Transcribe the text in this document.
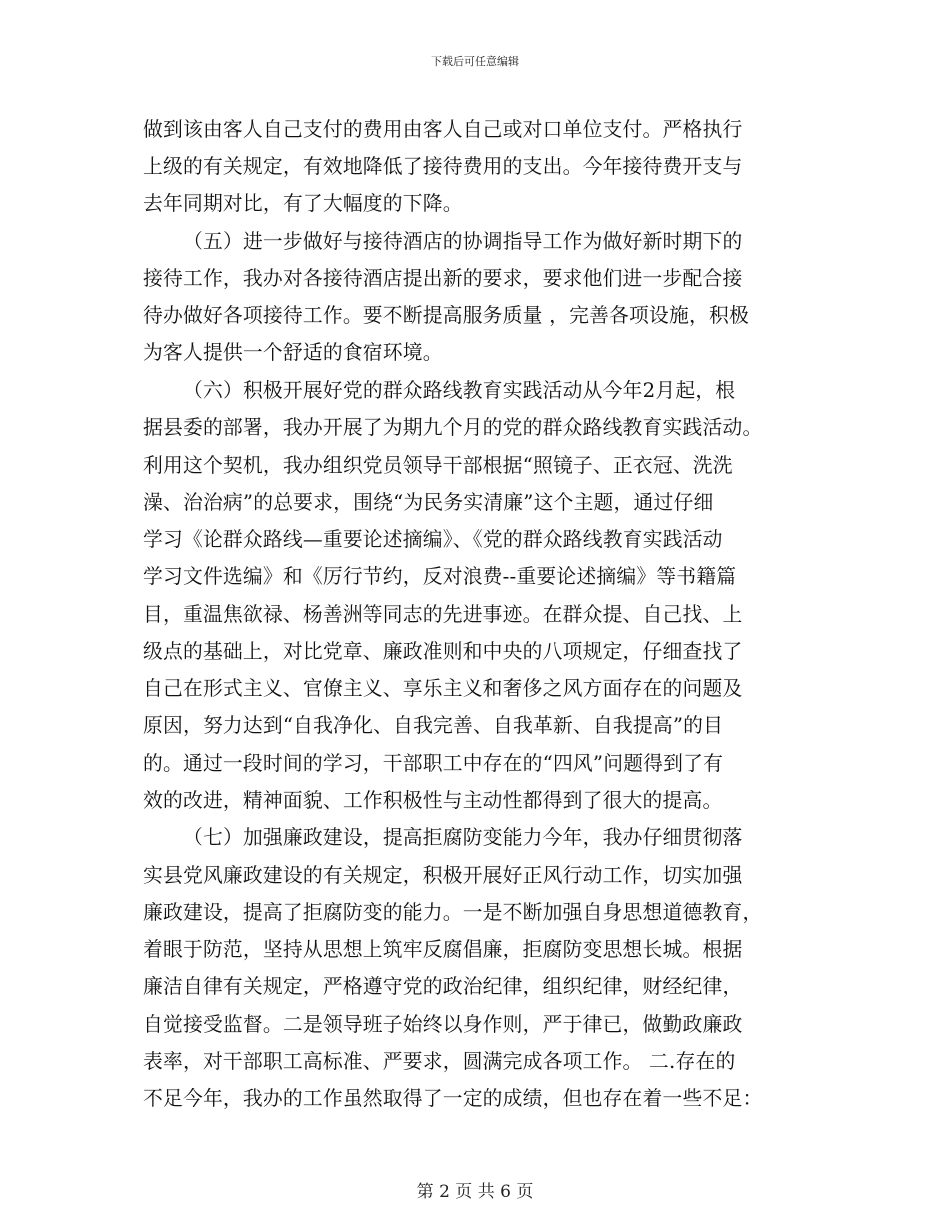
下载后可任意编辑
做到该由客人自己支付的费用由客人自己或对口单位支付。严格执行
上级的有关规定，有效地降低了接待费用的支出。今年接待费开支与
去年同期对比，有了大幅度的下降。
（五）进一步做好与接待酒店的协调指导工作为做好新时期下的
接待工作，我办对各接待酒店提出新的要求，要求他们进一步配合接
待办做好各项接待工作。要不断提高服务质量 ，完善各项设施，积极
为客人提供一个舒适的食宿环境。
（六）积极开展好党的群众路线教育实践活动从今年2月起，根
据县委的部署，我办开展了为期九个月的党的群众路线教育实践活动。
利用这个契机，我办组织党员领导干部根据“照镜子、正衣冠、洗洗
澡、治治病”的总要求，围绕“为民务实清廉”这个主题，通过仔细
学习《论群众路线—重要论述摘编》、《党的群众路线教育实践活动
学习文件选编》和《厉行节约，反对浪费--重要论述摘编》等书籍篇
目，重温焦欲禄、杨善洲等同志的先进事迹。在群众提、自己找、上
级点的基础上，对比党章、廉政准则和中央的八项规定，仔细查找了
自己在形式主义、官僚主义、享乐主义和奢侈之风方面存在的问题及
原因，努力达到“自我净化、自我完善、自我革新、自我提高”的目
的。通过一段时间的学习，干部职工中存在的“四风”问题得到了有
效的改进，精神面貌、工作积极性与主动性都得到了很大的提高。
（七）加强廉政建设，提高拒腐防变能力今年，我办仔细贯彻落
实县党风廉政建设的有关规定，积极开展好正风行动工作，切实加强
廉政建设，提高了拒腐防变的能力。一是不断加强自身思想道德教育，
着眼于防范，坚持从思想上筑牢反腐倡廉，拒腐防变思想长城。根据
廉洁自律有关规定，严格遵守党的政治纪律，组织纪律，财经纪律，
自觉接受监督。二是领导班子始终以身作则，严于律已，做勤政廉政
表率，对干部职工高标准、严要求，圆满完成各项工作。 二.存在的
不足今年，我办的工作虽然取得了一定的成绩，但也存在着一些不足：
第 2 页 共 6 页
